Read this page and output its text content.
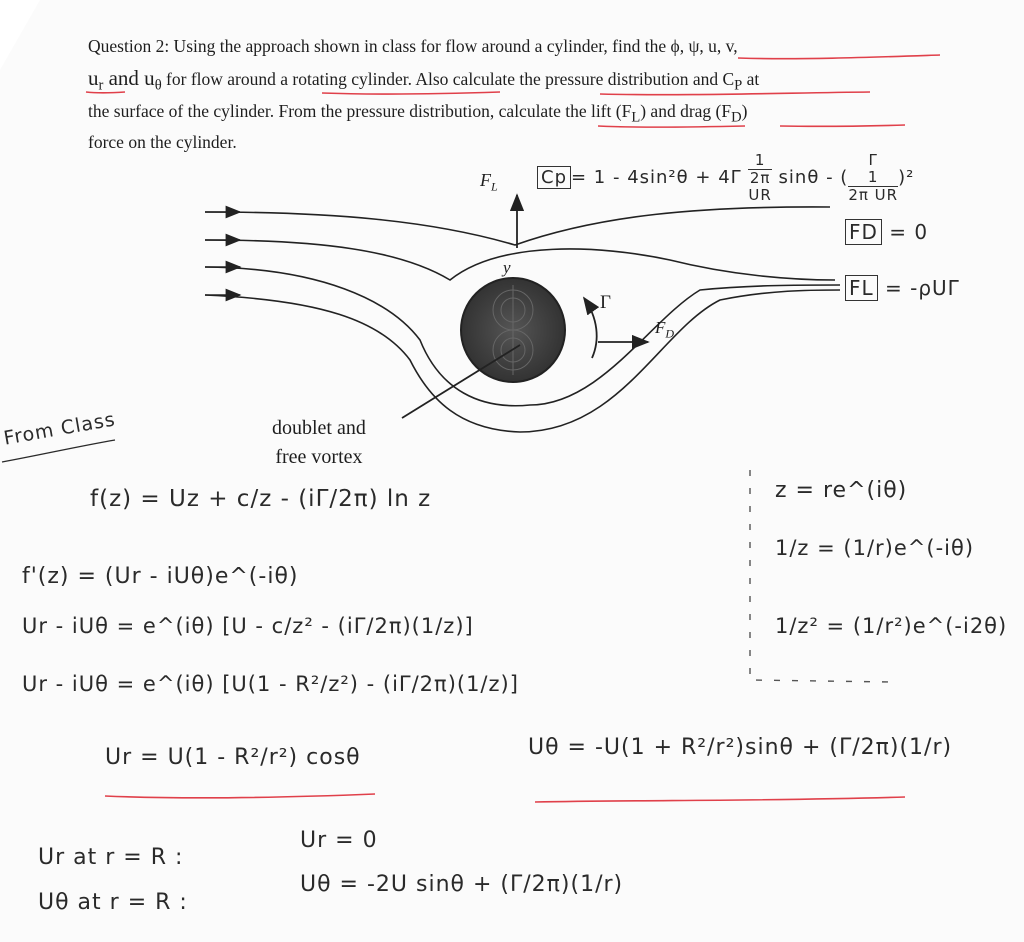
Question 2: Using the approach shown in class for flow around a cylinder, find the ϕ, ψ, u, v,
$u_r$ and $u_\theta$ for flow around a rotating cylinder. Also calculate the pressure distribution and $C_P$ at
the surface of the cylinder. From the pressure distribution, calculate the lift $(F_L)$ and drag $(F_D)$
force on the cylinder.
$F_L$
y
Γ
$F_D$
doublet and
free vortex
Cp = 1 - 4sin²θ + 4Γ 1
2π
UR sinθ - ( Γ
1
2π UR )²
FD = 0
FL = -ρUΓ
From Class
f(z) = Uz + c/z - (iΓ/2π) ln z
f'(z) = (Ur - iUθ)e^(-iθ)
Ur - iUθ = e^(iθ) [U - c/z² - (iΓ/2π)(1/z)]
Ur - iUθ = e^(iθ) [U(1 - R²/z²) - (iΓ/2π)(1/z)]
Ur = U(1 - R²/r²) cosθ	Uθ = -U(1 + R²/r²)sinθ + (Γ/2π)(1/r)
z = re^(iθ)
1/z = (1/r)e^(-iθ)
1/z² = (1/r²)e^(-i2θ)
Ur at r = R :
Ur = 0
Uθ at r = R :
Uθ = -2U sinθ + (Γ/2π)(1/r)
